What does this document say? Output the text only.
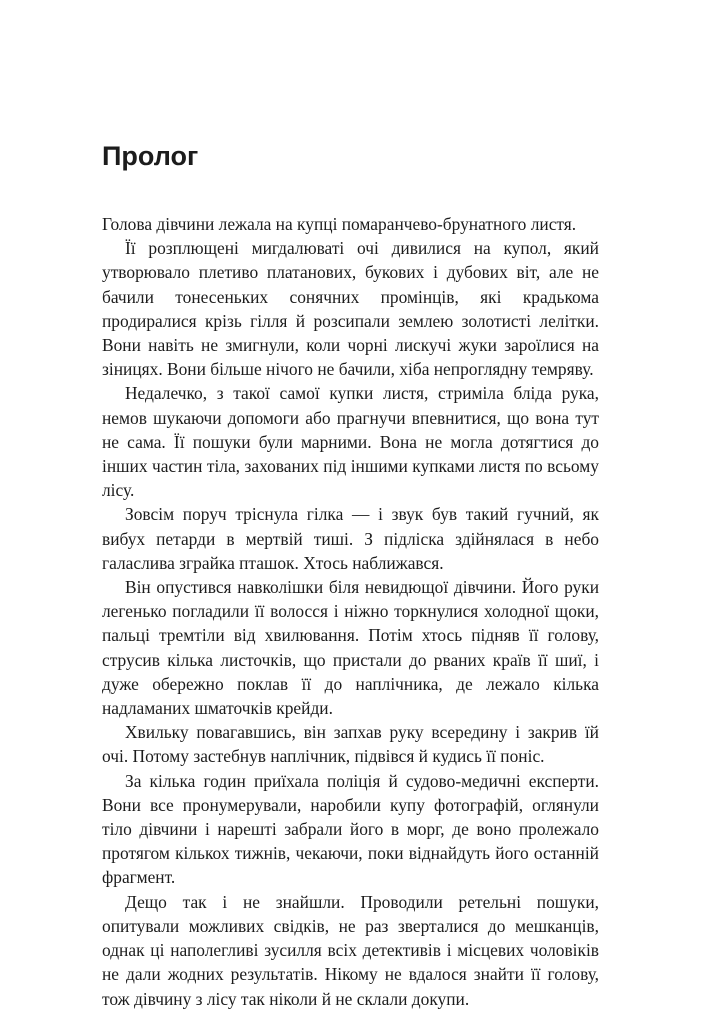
Пролог

Голова дівчини лежала на купці помаранчево-брунатного листя.

Її розплющені мигдалюваті очі дивилися на купол, який утворювало плетиво платанових, букових і дубових віт, але не бачили тонесеньких сонячних промінців, які крадькома продиралися крізь гілля й розсипали землею золотисті лелітки. Вони навіть не змигнули, коли чорні лискучі жуки зароїлися на зіницях. Вони більше нічого не бачили, хіба непроглядну темряву.

Недалечко, з такої самої купки листя, стриміла бліда рука, немов шукаючи допомоги або прагнучи впевнитися, що вона тут не сама. Її пошуки були марними. Вона не могла дотягтися до інших частин тіла, захованих під іншими купками листя по всьому лісу.

Зовсім поруч тріснула гілка — і звук був такий гучний, як вибух петарди в мертвій тиші. З підліска здійнялася в небо галаслива зграйка пташок. Хтось наближався.

Він опустився навколішки біля невидющої дівчини. Його руки легенько погладили її волосся і ніжно торкнулися холодної щоки, пальці тремтіли від хвилювання. Потім хтось підняв її голову, струсив кілька листочків, що пристали до рваних країв її шиї, і дуже обережно поклав її до наплічника, де лежало кілька надламаних шматочків крейди.

Хвильку повагавшись, він запхав руку всередину і закрив їй очі. Потому застебнув наплічник, підвівся й кудись її поніс.

За кілька годин приїхала поліція й судово-медичні експерти. Вони все пронумерували, наробили купу фотографій, оглянули тіло дівчини і нарешті забрали його в морг, де воно пролежало протягом кількох тижнів, чекаючи, поки віднайдуть його останній фрагмент.

Дещо так і не знайшли. Проводили ретельні пошуки, опитували можливих свідків, не раз зверталися до мешканців, однак ці наполегливі зусилля всіх детективів і місцевих чоловіків не дали жодних результатів. Нікому не вдалося знайти її голову, тож дівчину з лісу так ніколи й не склали докупи.
